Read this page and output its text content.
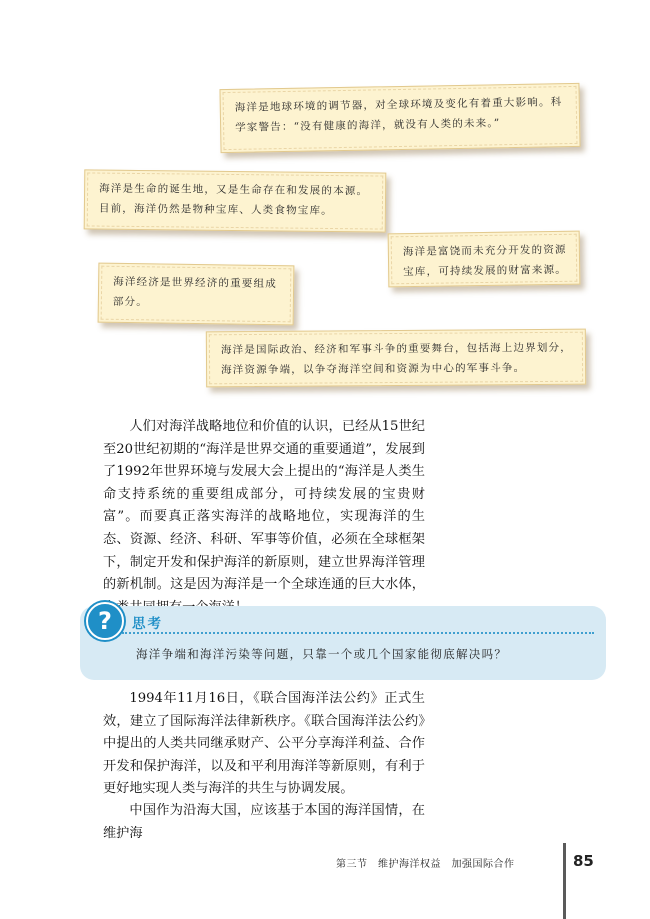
海洋是地球环境的调节器，对全球环境及变化有着重大影响。科学家警告：“没有健康的海洋，就没有人类的未来。”
海洋是生命的诞生地，又是生命存在和发展的本源。目前，海洋仍然是物种宝库、人类食物宝库。
海洋是富饶而未充分开发的资源宝库，可持续发展的财富来源。
海洋经济是世界经济的重要组成部分。
海洋是国际政治、经济和军事斗争的重要舞台，包括海上边界划分，海洋资源争端，以争夺海洋空间和资源为中心的军事斗争。

人们对海洋战略地位和价值的认识，已经从15世纪至20世纪初期的“海洋是世界交通的重要通道”，发展到了1992年世界环境与发展大会上提出的“海洋是人类生命支持系统的重要组成部分，可持续发展的宝贵财富”。而要真正落实海洋的战略地位，实现海洋的生态、资源、经济、科研、军事等价值，必须在全球框架下，制定开发和保护海洋的新原则，建立世界海洋管理的新机制。这是因为海洋是一个全球连通的巨大水体，

思考
海洋争端和海洋污染等问题，只靠一个或几个国家能彻底解决吗？
?

1994年11月16日，《联合国海洋法公约》正式生效，建立了国际海洋法律新秩序。《联合国海洋法公约》中提出的人类共同继承财产、公平分享海洋利益、合作开发和保护海洋，以及和平利用海洋等新原则，有利于更好地实现人类与海洋的共生与协调发展。

中国作为沿海大国，应该基于本国的海洋国情，在维护海

第三节　维护海洋权益　加强国际合作	85
